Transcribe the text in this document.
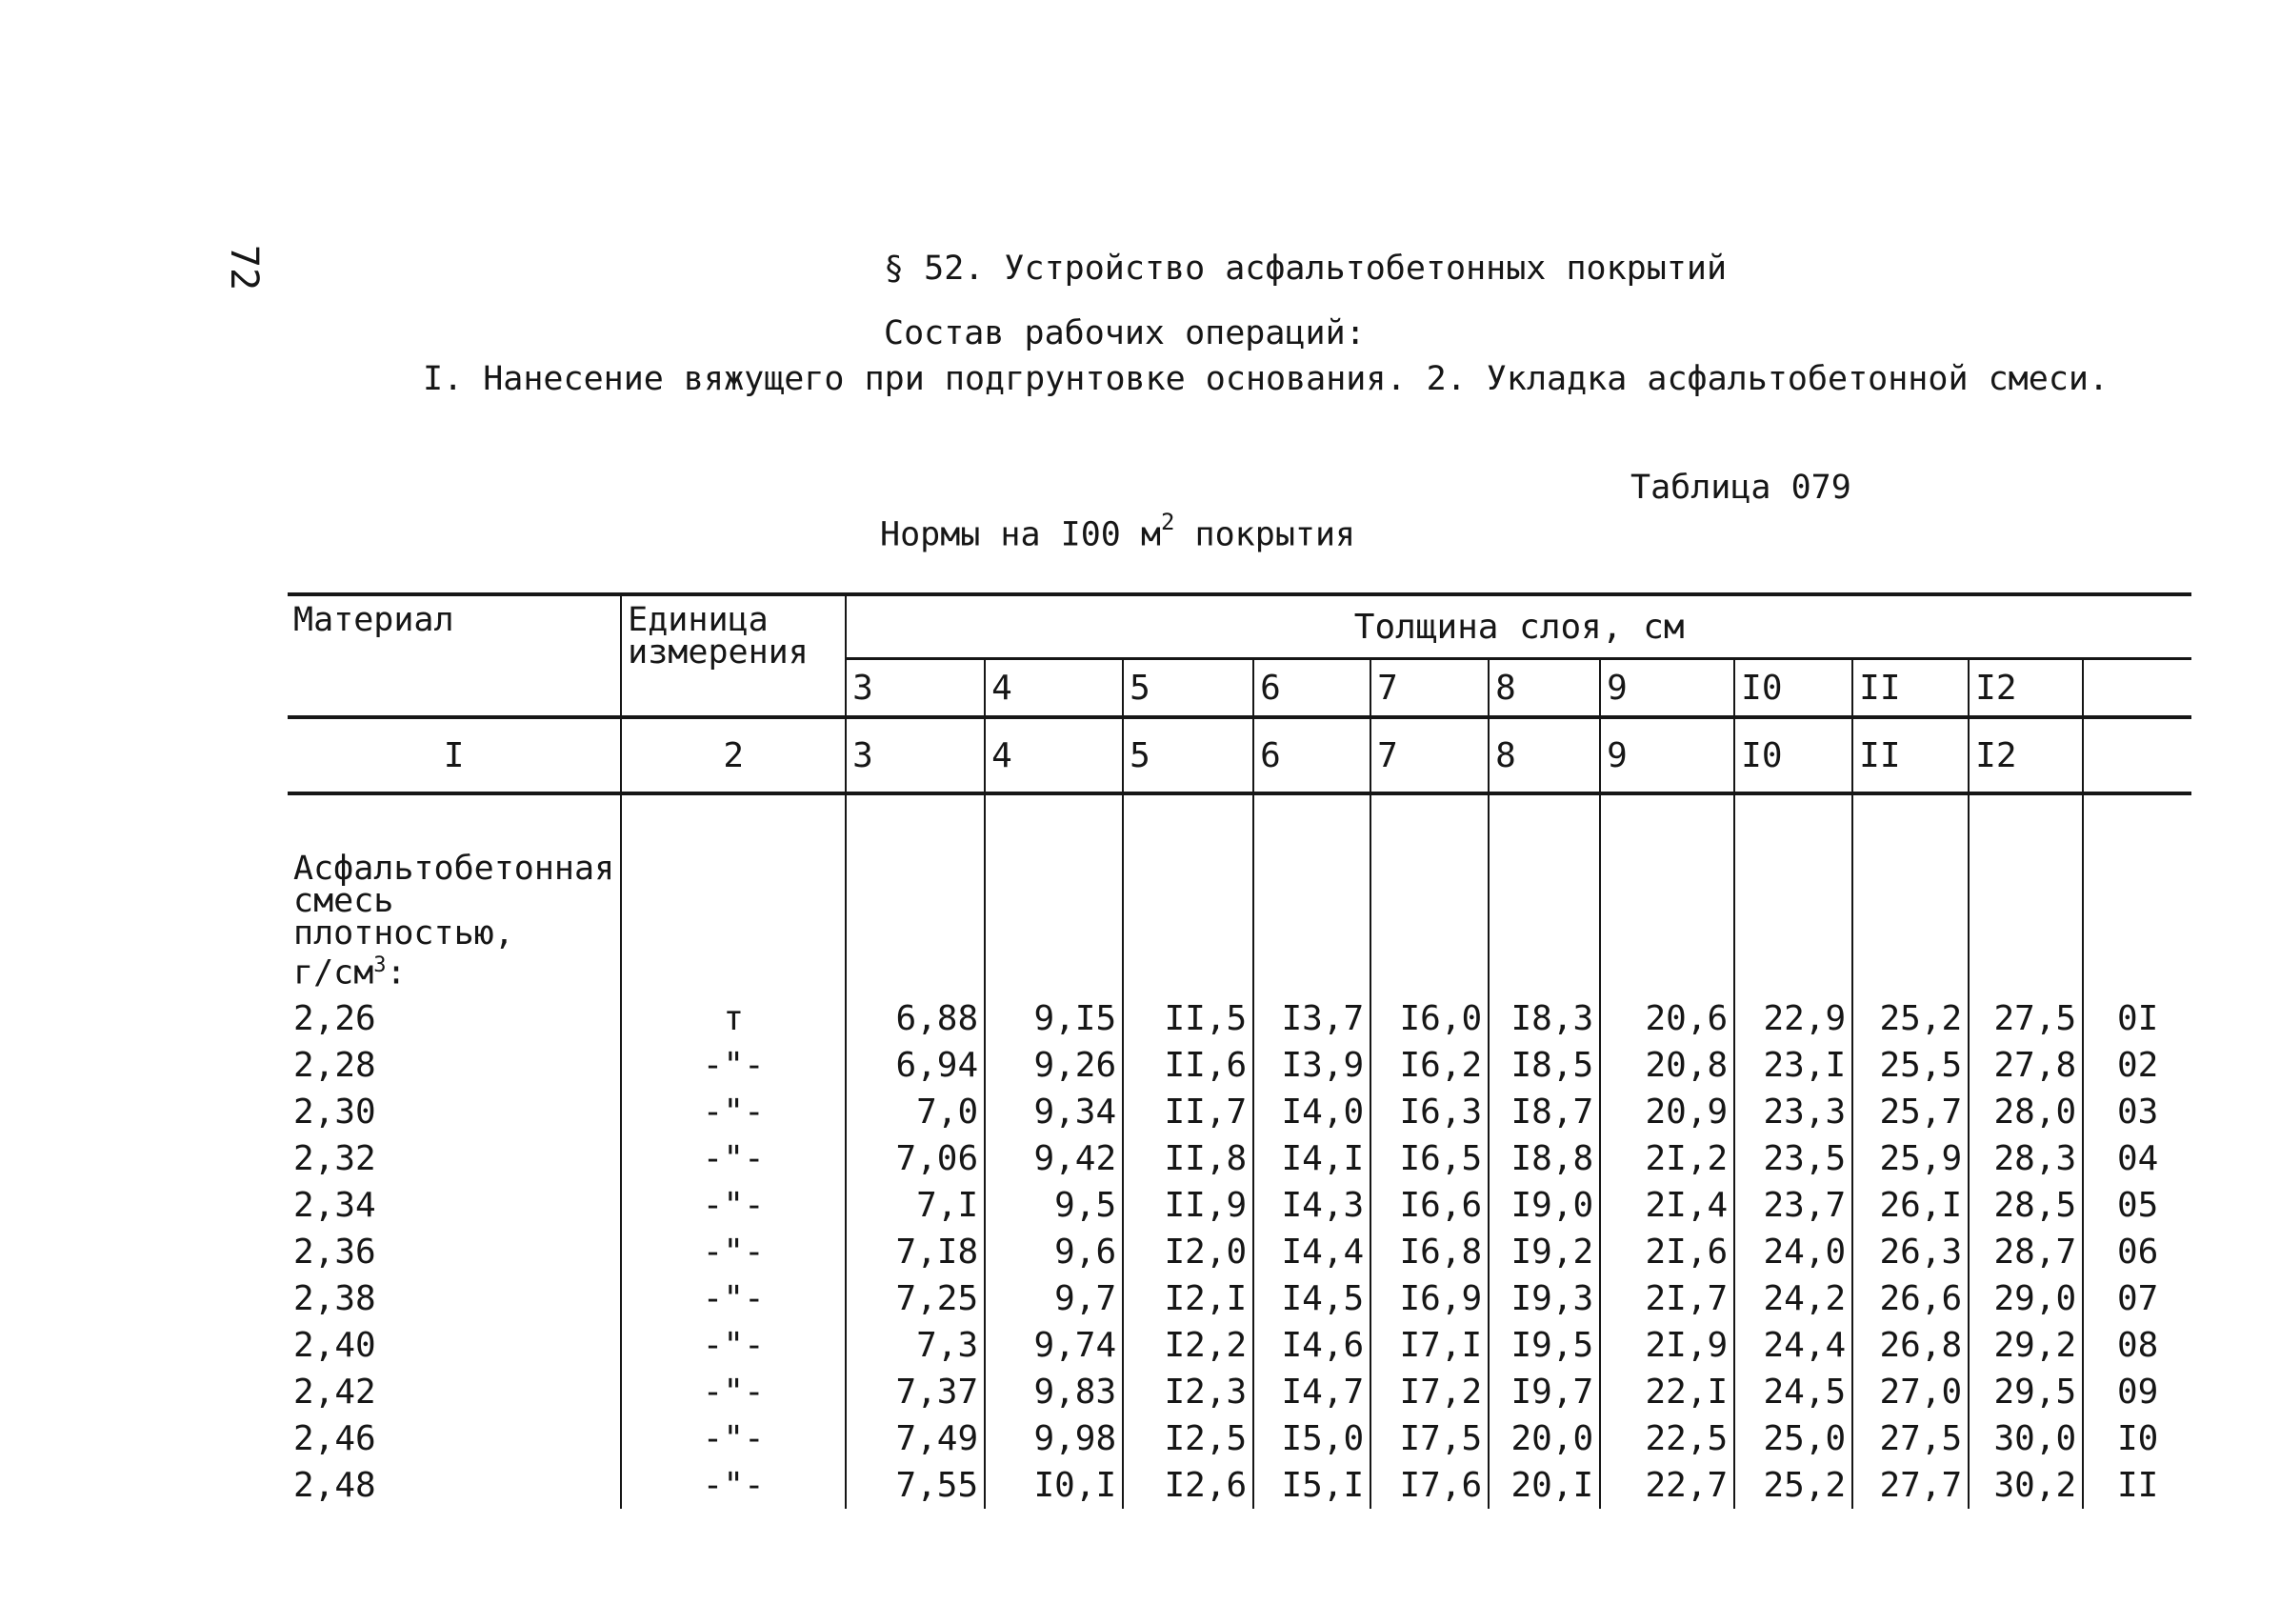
72	§ 52. Устройство асфальтобетонных покрытий
Состав рабочих операций:
I. Нанесение вяжущего при подгрунтовке основания. 2. Укладка асфальтобетонной смеси.
Таблица 079
Нормы на I00 $м^2$ покрытия
Материал	Единица измерения	Толщина слоя, см										
		3	4	5	6	7	8	9	I0	II	I2	
I	2	3	4	5	6	7	8	9	I0	II	I2	
Асфальтобетонная смесь плотностью,
$г/см^3$:												
2,26	т	6,88	9,I5	II,5	I3,7	I6,0	I8,3	20,6	22,9	25,2	27,5	0I
2,28	-"-	6,94	9,26	II,6	I3,9	I6,2	I8,5	20,8	23,I	25,5	27,8	02
2,30	-"-	7,0	9,34	II,7	I4,0	I6,3	I8,7	20,9	23,3	25,7	28,0	03
2,32	-"-	7,06	9,42	II,8	I4,I	I6,5	I8,8	2I,2	23,5	25,9	28,3	04
2,34	-"-	7,I	9,5	II,9	I4,3	I6,6	I9,0	2I,4	23,7	26,I	28,5	05
2,36	-"-	7,I8	9,6	I2,0	I4,4	I6,8	I9,2	2I,6	24,0	26,3	28,7	06
2,38	-"-	7,25	9,7	I2,I	I4,5	I6,9	I9,3	2I,7	24,2	26,6	29,0	07
2,40	-"-	7,3	9,74	I2,2	I4,6	I7,I	I9,5	2I,9	24,4	26,8	29,2	08
2,42	-"-	7,37	9,83	I2,3	I4,7	I7,2	I9,7	22,I	24,5	27,0	29,5	09
2,46	-"-	7,49	9,98	I2,5	I5,0	I7,5	20,0	22,5	25,0	27,5	30,0	I0
2,48	-"-	7,55	I0,I	I2,6	I5,I	I7,6	20,I	22,7	25,2	27,7	30,2	II
